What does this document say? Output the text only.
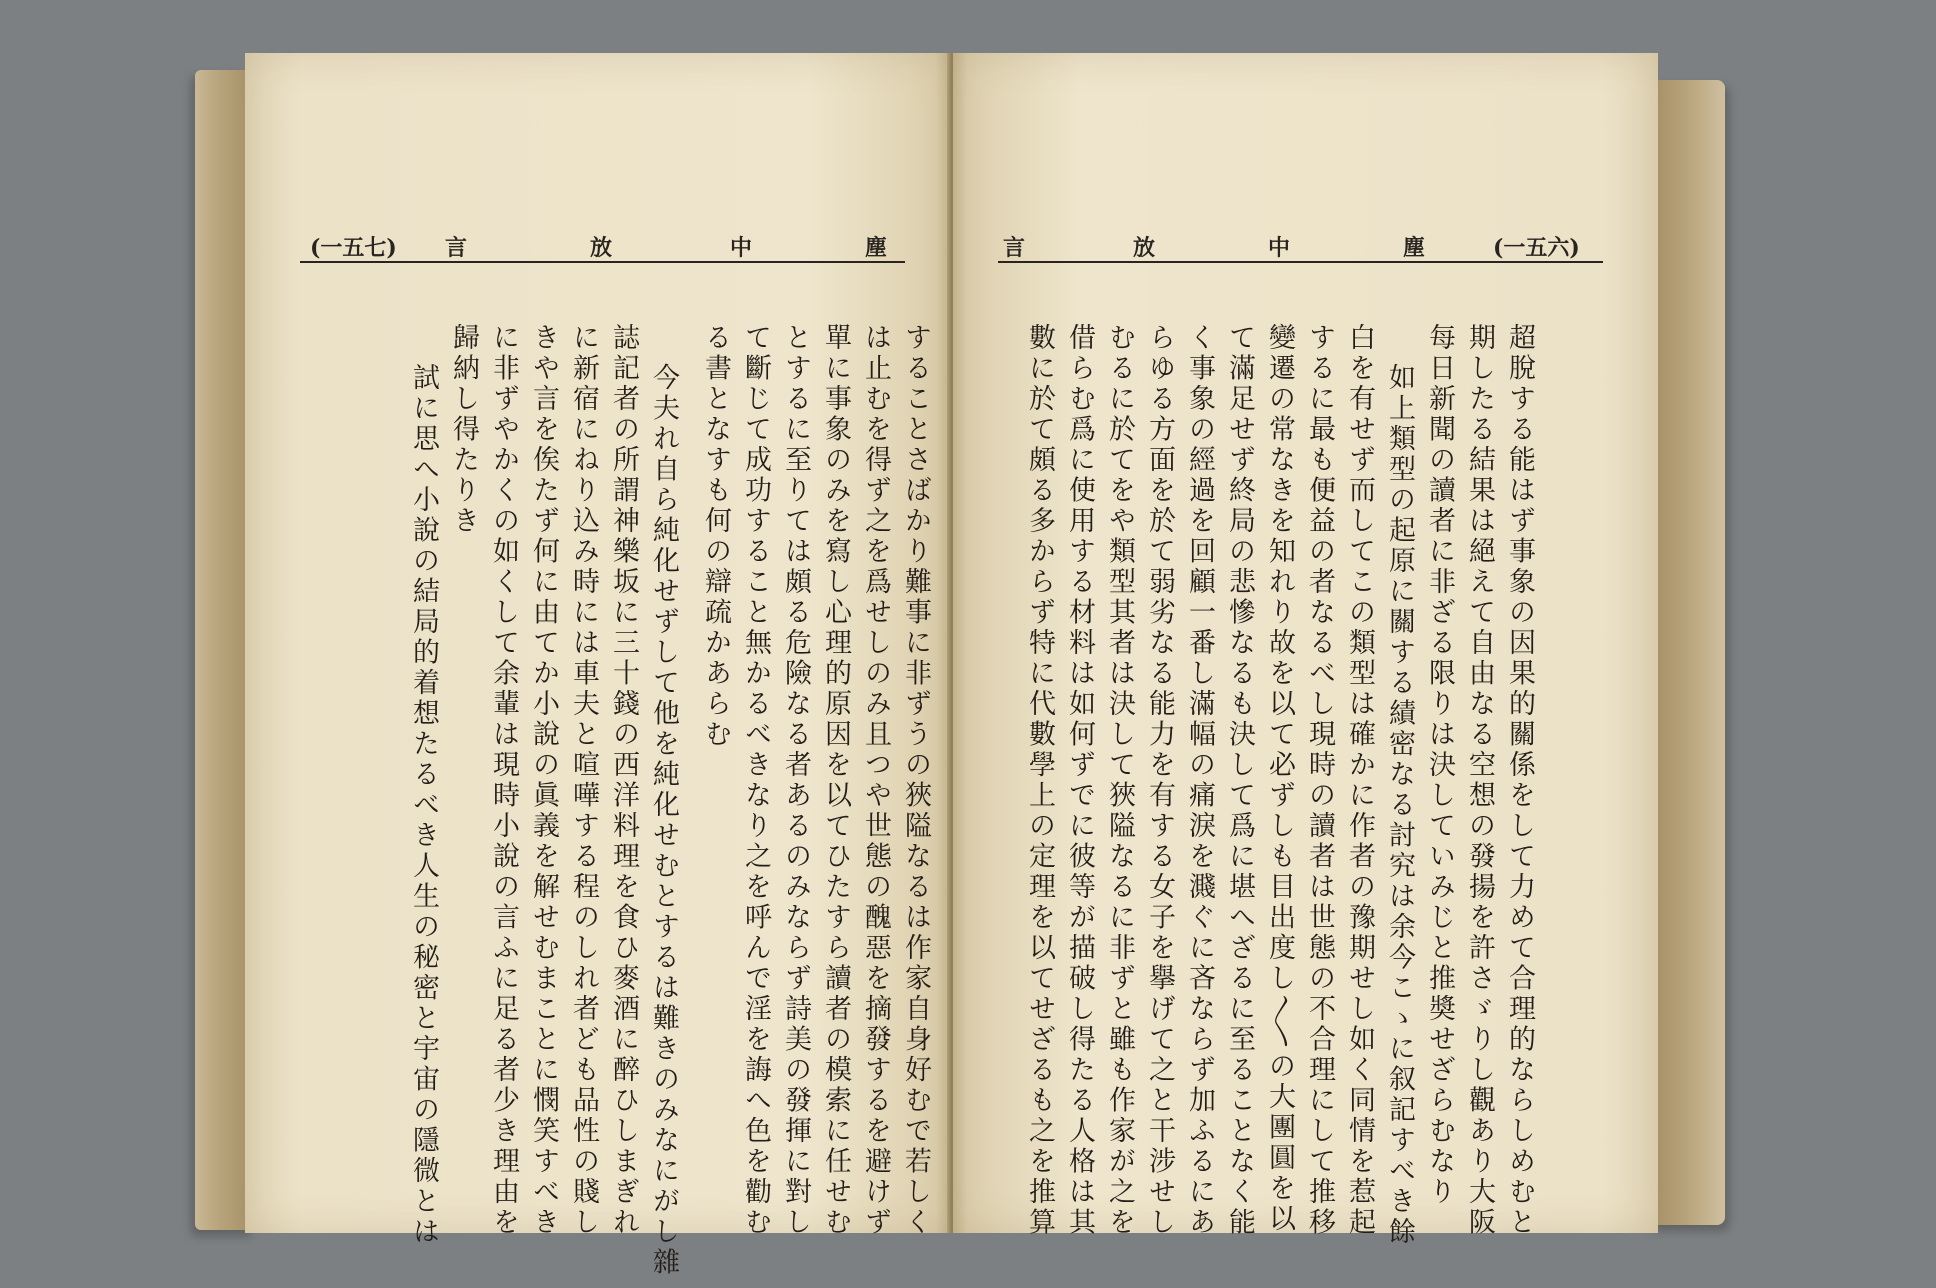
(一五七) 言	放	中	塵
することさばかり難事に非ずうの狹隘なるは作家自身好むで若しく
は止むを得ず之を爲せしのみ且つや世態の醜惡を摘發するを避けず
單に事象のみを寫し心理的原因を以てひたすら讀者の模索に任せむ
とするに至りては頗る危險なる者あるのみならず詩美の發揮に對し
て斷じて成功すること無かるべきなり之を呼んで淫を誨へ色を勸む
る書となすも何の辯疏かあらむ
今夫れ自ら純化せずして他を純化せむとするは難きのみなにがし雜
誌記者の所謂神樂坂に三十錢の西洋料理を食ひ麥酒に醉ひしまぎれ
に新宿にねり込み時には車夫と喧嘩する程のしれ者ども品性の賤し
きや言を俟たず何に由てか小說の眞義を解せむまことに憫笑すべき
に非ずやかくの如くして余輩は現時小說の言ふに足る者少き理由を
歸納し得たりき
試に思へ小說の結局的着想たるべき人生の秘密と宇宙の隱微とは
言	放	中	塵	(一五六)
超脫する能はず事象の因果的關係をして力めて合理的ならしめむと
期したる結果は絕えて自由なる空想の發揚を許さゞりし觀あり大阪
每日新聞の讀者に非ざる限りは決していみじと推奬せざらむなり
如上類型の起原に關する績密なる討究は余今こゝに叙記すべき餘
白を有せず而してこの類型は確かに作者の豫期せし如く同情を惹起
するに最も便益の者なるべし現時の讀者は世態の不合理にして推移
變遷の常なきを知れり故を以て必ずしも目出度し〱の大團圓を以
て滿足せず終局の悲慘なるも決して爲に堪へざるに至ることなく能
く事象の經過を回顧一番し滿幅の痛淚を濺ぐに吝ならず加ふるにあ
らゆる方面を於て弱劣なる能力を有する女子を擧げて之と干涉せし
むるに於てをや類型其者は決して狹隘なるに非ずと雖も作家が之を
借らむ爲に使用する材料は如何ずでに彼等が描破し得たる人格は其
數に於て頗る多からず特に代數學上の定理を以てせざるも之を推算
